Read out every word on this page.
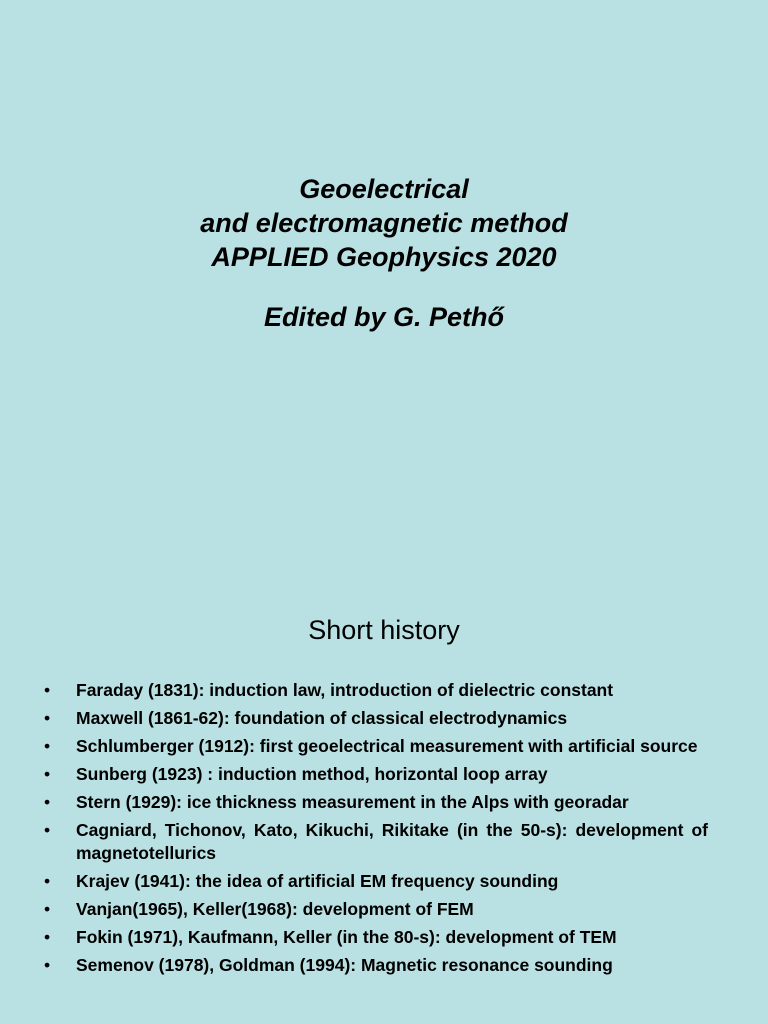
Geoelectrical
and electromagnetic method
APPLIED Geophysics 2020
Edited by G. Pethő
Short history
•	Faraday (1831): induction law, introduction of dielectric constant
•	Maxwell (1861-62): foundation of classical electrodynamics
•	Schlumberger (1912): first geoelectrical measurement with artificial source
•	Sunberg (1923) : induction method, horizontal loop array
•	Stern (1929): ice thickness measurement in the Alps with georadar
•	Cagniard, Tichonov, Kato, Kikuchi, Rikitake (in the 50-s): development of magnetotellurics
•	Krajev (1941): the idea of artificial EM frequency sounding
•	Vanjan(1965), Keller(1968): development of FEM
•	Fokin (1971), Kaufmann, Keller (in the 80-s): development of TEM
•	Semenov (1978), Goldman (1994): Magnetic resonance sounding
